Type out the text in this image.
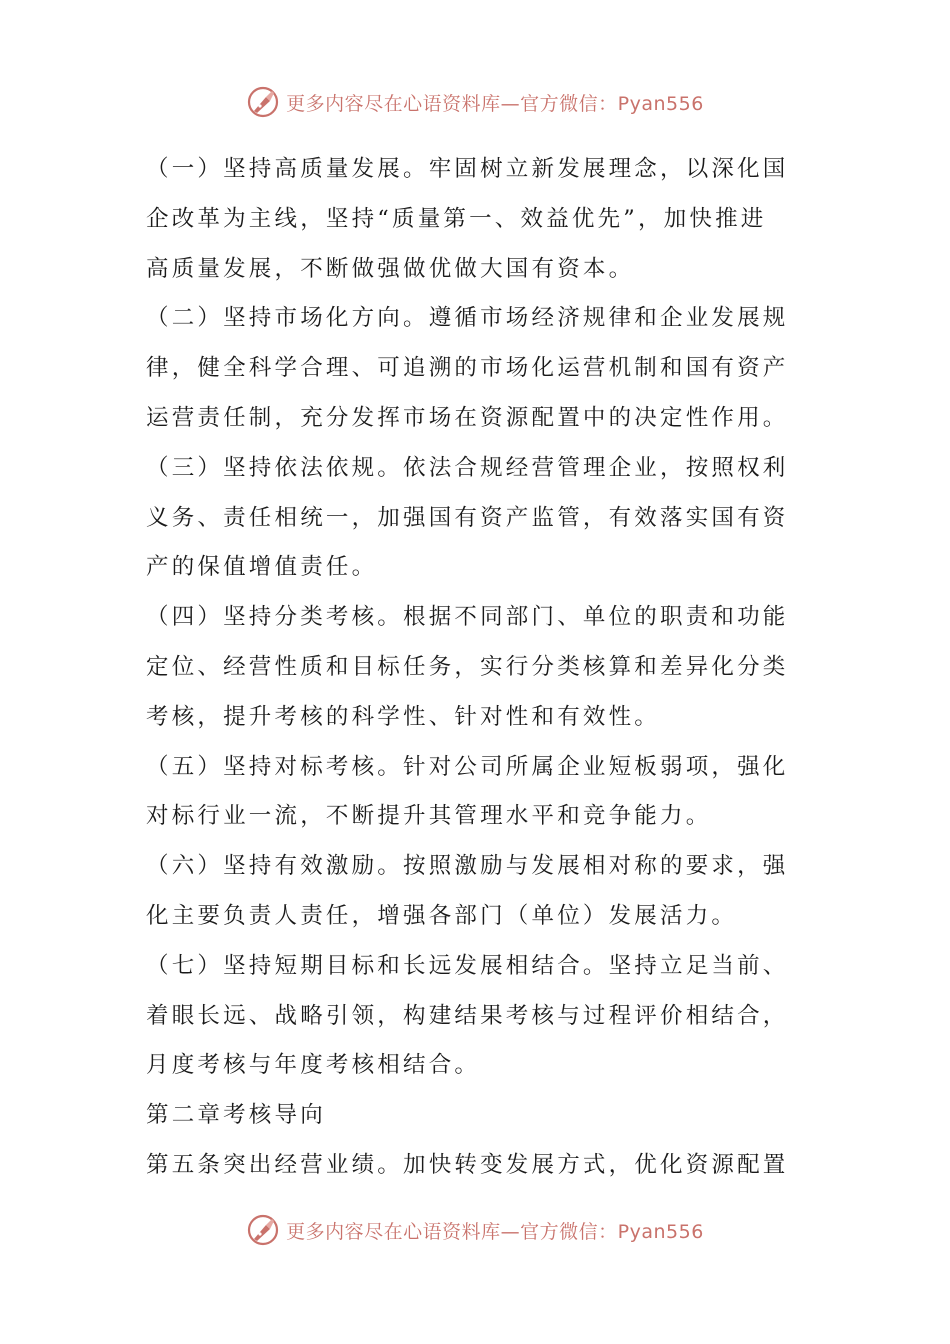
更多内容尽在心语资料库—官方微信：Pyan556
（一）坚持高质量发展。牢固树立新发展理念，以深化国
企改革为主线，坚持“质量第一、效益优先”，加快推进
高质量发展，不断做强做优做大国有资本。
（二）坚持市场化方向。遵循市场经济规律和企业发展规
律，健全科学合理、可追溯的市场化运营机制和国有资产
运营责任制，充分发挥市场在资源配置中的决定性作用。
（三）坚持依法依规。依法合规经营管理企业，按照权利
义务、责任相统一，加强国有资产监管，有效落实国有资
产的保值增值责任。
（四）坚持分类考核。根据不同部门、单位的职责和功能
定位、经营性质和目标任务，实行分类核算和差异化分类
考核，提升考核的科学性、针对性和有效性。
（五）坚持对标考核。针对公司所属企业短板弱项，强化
对标行业一流，不断提升其管理水平和竞争能力。
（六）坚持有效激励。按照激励与发展相对称的要求，强
化主要负责人责任，增强各部门（单位）发展活力。
（七）坚持短期目标和长远发展相结合。坚持立足当前、
着眼长远、战略引领，构建结果考核与过程评价相结合，
月度考核与年度考核相结合。
第二章考核导向
第五条突出经营业绩。加快转变发展方式，优化资源配置
更多内容尽在心语资料库—官方微信：Pyan556
